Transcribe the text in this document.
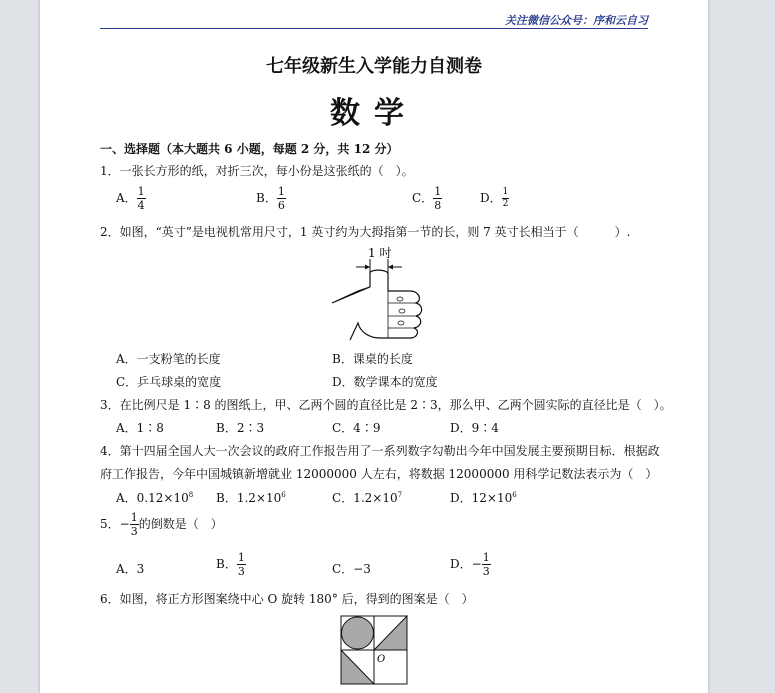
关注微信公众号：序和云自习
七年级新生入学能力自测卷
数学
一、选择题（本大题共 6 小题，每题 2 分，共 12 分）
1．一张长方形的纸，对折三次，每小份是这张纸的（　）。
A． $\frac{1}{4}$	B． $\frac{1}{6}$	C． $\frac{1}{8}$	D． $\frac{1}{2}$
2．如图，“英寸”是电视机常用尺寸，1 英寸约为大拇指第一节的长，则 7 英寸长相当于（　　　）.
1 吋
A．一支粉笔的长度	B．课桌的长度
C．乒乓球桌的宽度	D．数学课本的宽度
3．在比例尺是 1∶8 的图纸上，甲、乙两个圆的直径比是 2∶3，那么甲、乙两个圆实际的直径比是（　）。
A．1∶8	B．2∶3	C．4∶9	D．9∶4
4．第十四届全国人大一次会议的政府工作报告用了一系列数字勾勒出今年中国发展主要预期目标．根据政
府工作报告，今年中国城镇新增就业 12000000 人左右，将数据 12000000 用科学记数法表示为（　）
A．$0.12\times 10^8$ B．$1.2\times 10^6$	C．$1.2\times 10^7$	D．$12\times 10^6$
5．− $\frac{1}{3}$ 的倒数是（　）
A．3	B． $\frac{1}{3}$	C．−3	D．− $\frac{1}{3}$
6．如图，将正方形图案绕中心 O 旋转 180° 后，得到的图案是（　）
O
